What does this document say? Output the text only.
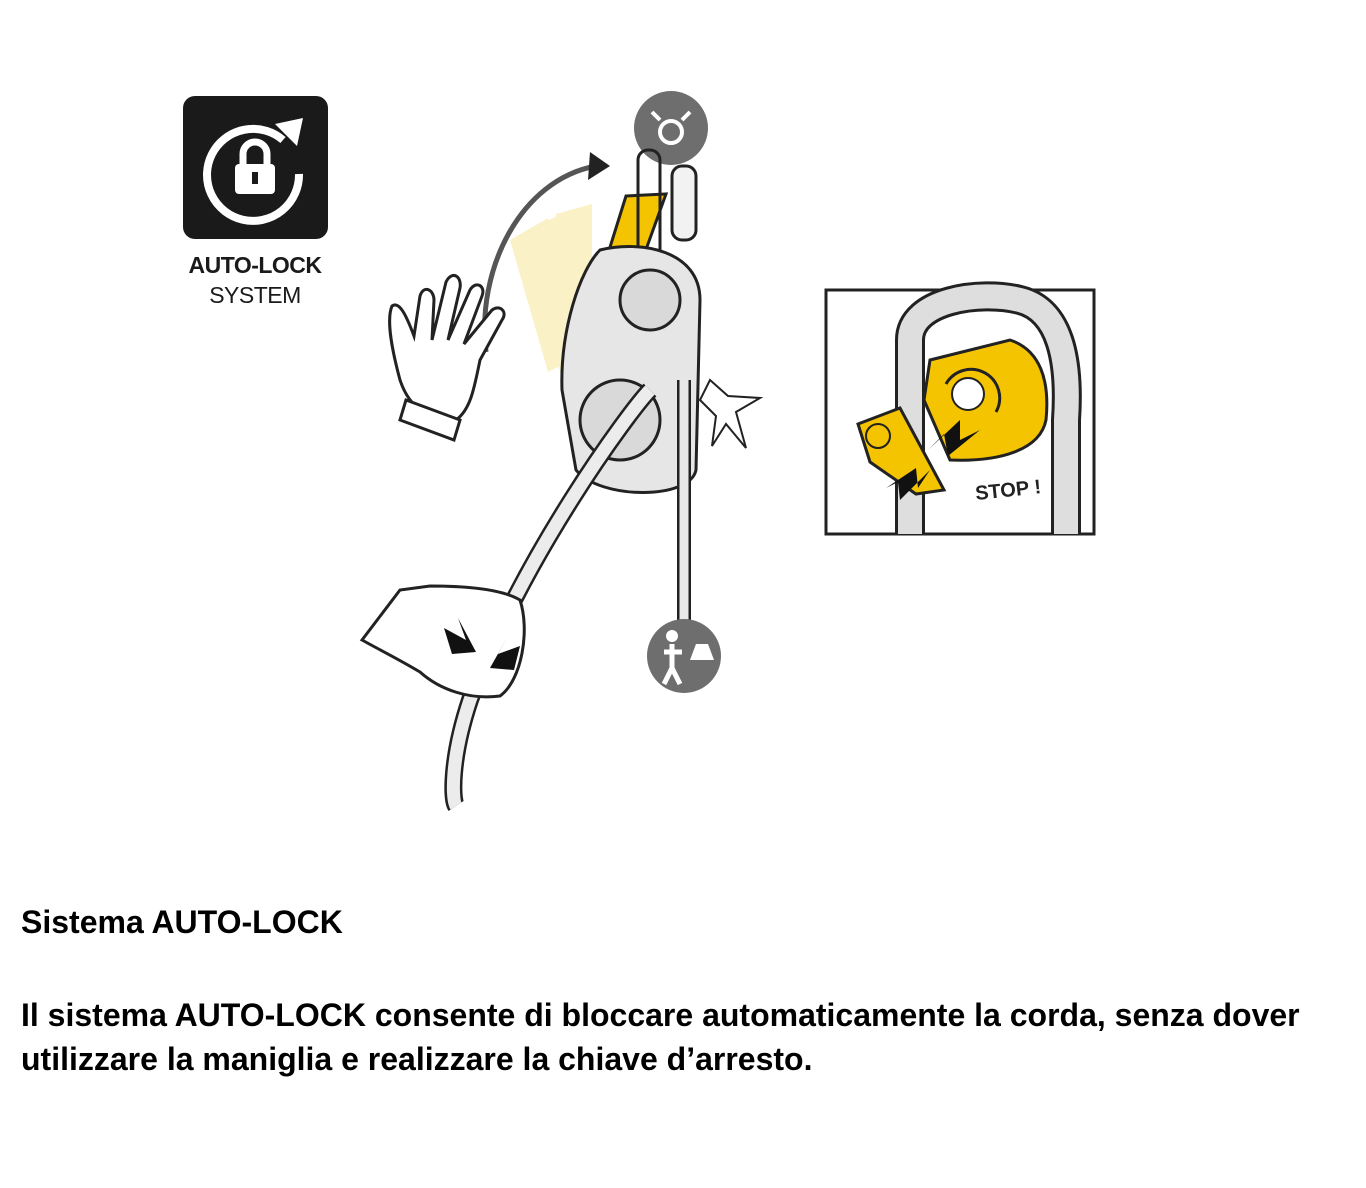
AUTO-LOCK
SYSTEM
STOP !
Sistema AUTO-LOCK
Il sistema AUTO-LOCK consente di bloccare automaticamente la corda, senza dover utilizzare la maniglia e realizzare la chiave d’arresto.
